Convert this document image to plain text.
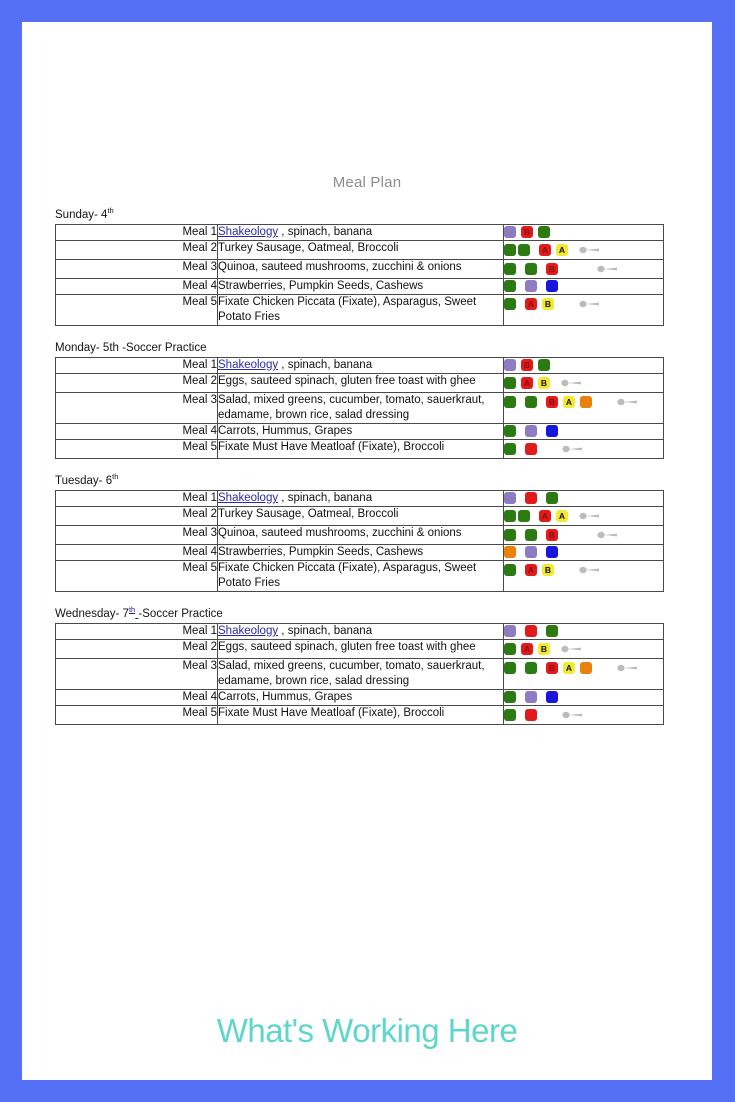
Meal Plan
Sunday- 4th
Meal 1	Shakeology , spinach, banana	B

Meal 2	Turkey Sausage, Oatmeal, Broccoli	A A

Meal 3	Quinoa, sauteed mushrooms, zucchini & onions	B

Meal 4	Strawberries, Pumpkin Seeds, Cashews	

Meal 5	Fixate Chicken Piccata (Fixate), Asparagus, Sweet Potato Fries	A B
Monday- 5th -Soccer Practice
Meal 1	Shakeology , spinach, banana	B

Meal 2	Eggs, sauteed spinach, gluten free toast with ghee	A B

Meal 3	Salad, mixed greens, cucumber, tomato, sauerkraut, edamame, brown rice, salad dressing	B A

Meal 4	Carrots, Hummus, Grapes	

Meal 5	Fixate Must Have Meatloaf (Fixate), Broccoli	
Tuesday- 6th
Meal 1	Shakeology , spinach, banana	

Meal 2	Turkey Sausage, Oatmeal, Broccoli	A A

Meal 3	Quinoa, sauteed mushrooms, zucchini & onions	B

Meal 4	Strawberries, Pumpkin Seeds, Cashews	

Meal 5	Fixate Chicken Piccata (Fixate), Asparagus, Sweet Potato Fries	A B
Wednesday- 7th -Soccer Practice
Meal 1	Shakeology , spinach, banana	

Meal 2	Eggs, sauteed spinach, gluten free toast with ghee	A B

Meal 3	Salad, mixed greens, cucumber, tomato, sauerkraut, edamame, brown rice, salad dressing	B A

Meal 4	Carrots, Hummus, Grapes	

Meal 5	Fixate Must Have Meatloaf (Fixate), Broccoli	
What's Working Here
